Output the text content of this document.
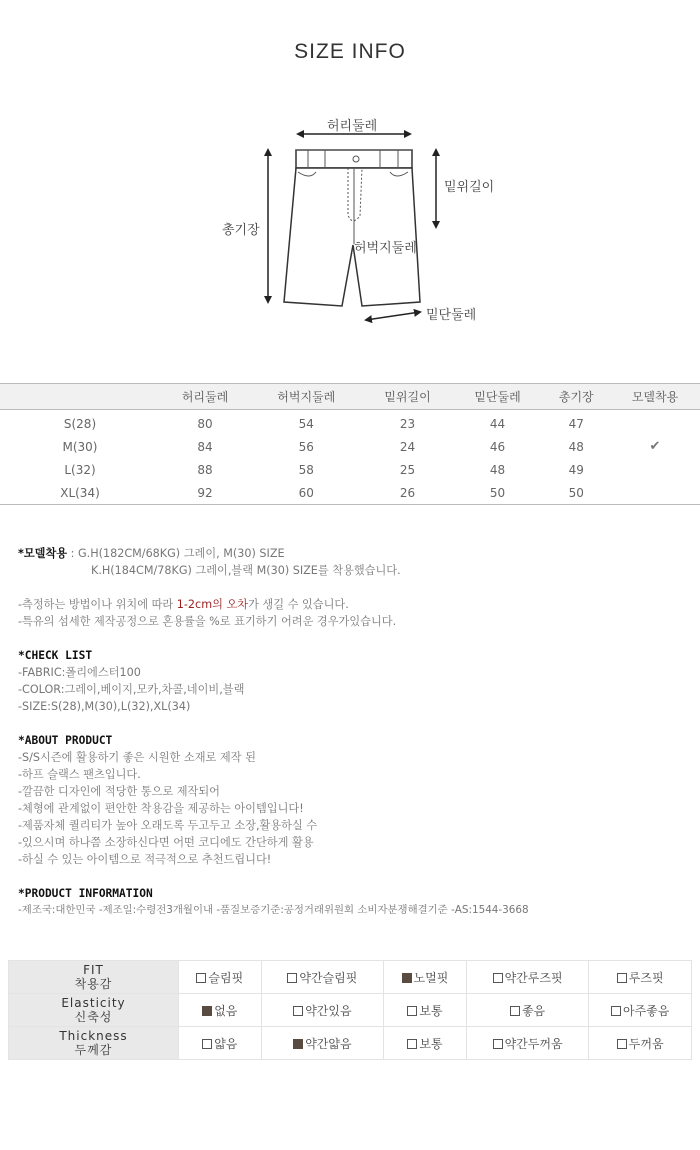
SIZE INFO
허리둘레
밑위길이
총기장
허벅지둘레
밑단둘레
	허리둘레	허벅지둘레	밑위길이	밑단둘레	총기장	모델착용
S(28)	80	54	23	44	47	
M(30)	84	56	24	46	48	✔
L(32)	88	58	25	48	49	
XL(34)	92	60	26	50	50	
*모델착용 : G.H(182CM/68KG) 그레이, M(30) SIZE
K.H(184CM/78KG) 그레이,블랙 M(30) SIZE를 착용했습니다.
-측정하는 방법이나 위치에 따라 1-2cm의 오차가 생길 수 있습니다.
-특유의 섬세한 제작공정으로 혼용률을 %로 표기하기 어려운 경우가있습니다.
*CHECK LIST
-FABRIC:폴리에스터100
-COLOR:그레이,베이지,모카,차콜,네이비,블랙
-SIZE:S(28),M(30),L(32),XL(34)
*ABOUT PRODUCT
-S/S시즌에 활용하기 좋은 시원한 소재로 제작 된
-하프 슬랙스 팬츠입니다.
-깔끔한 디자인에 적당한 통으로 제작되어
-체형에 관계없이 편안한 착용감을 제공하는 아이템입니다!
-제품자체 퀄리티가 높아 오래도록 두고두고 소장,활용하실 수
-있으시며 하나쯤 소장하신다면 어떤 코디에도 간단하게 활용
-하실 수 있는 아이템으로 적극적으로 추천드립니다!
*PRODUCT INFORMATION
-제조국:대한민국 -제조일:수령전3개월이내 -품질보증기준:공정거래위원회 소비자분쟁해결기준 -AS:1544-3668
FIT
착용감	슬림핏	약간슬림핏	노멀핏	약간루즈핏	루즈핏

Elasticity
신축성	없음	약간있음	보통	좋음	아주좋음

Thickness
두께감	얇음	약간얇음	보통	약간두꺼움	두꺼움
